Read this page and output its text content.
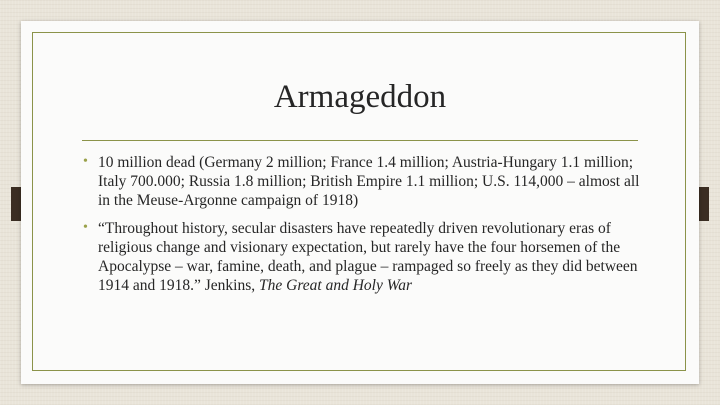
Armageddon
• 10 million dead (Germany 2 million; France 1.4 million; Austria-Hungary 1.1 million; Italy 700.000; Russia 1.8 million; British Empire 1.1 million; U.S. 114,000 – almost all in the Meuse-Argonne campaign of 1918)
• “Throughout history, secular disasters have repeatedly driven revolutionary eras of religious change and visionary expectation, but rarely have the four horsemen of the Apocalypse – war, famine, death, and plague – rampaged so freely as they did between 1914 and 1918.” Jenkins, The Great and Holy War
